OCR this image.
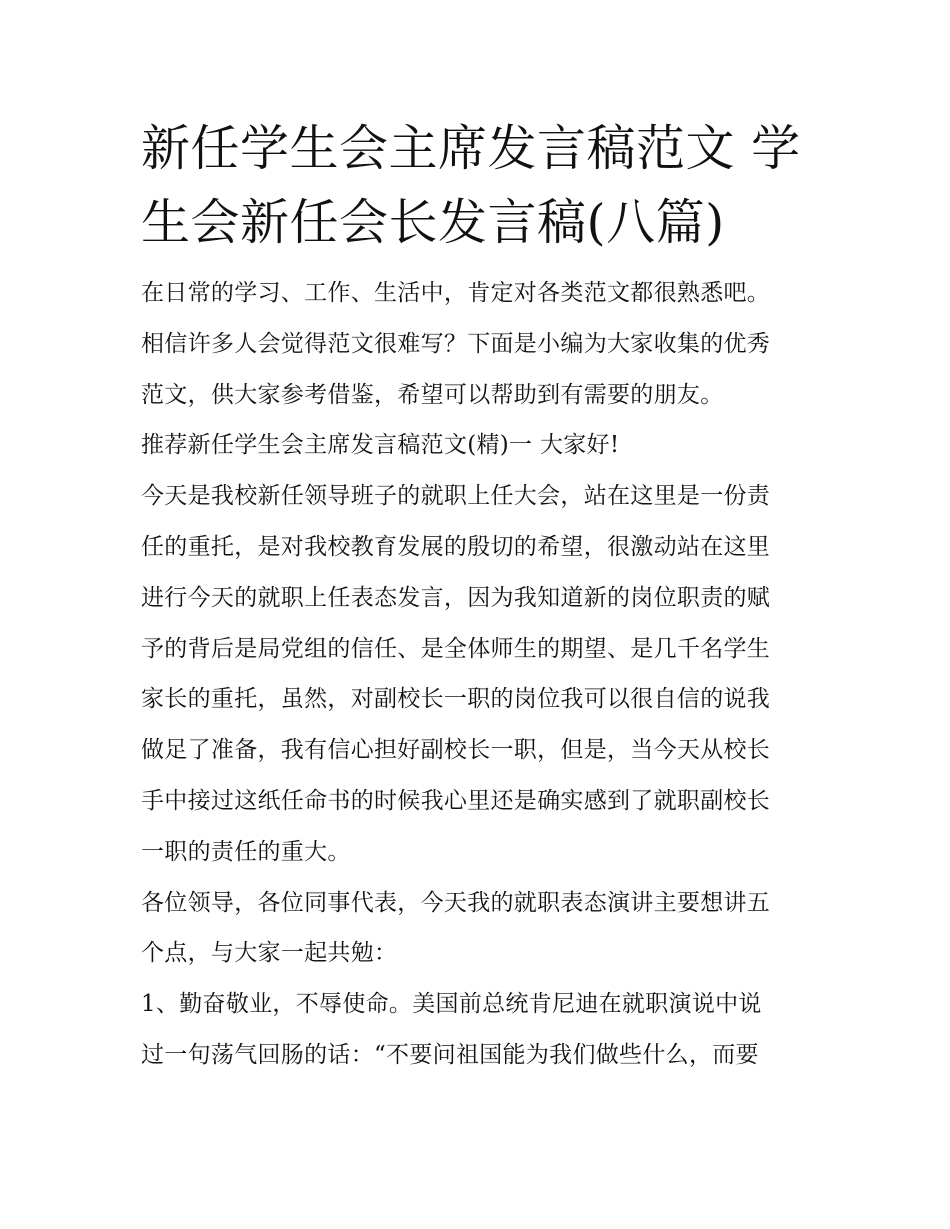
新任学生会主席发言稿范文 学
生会新任会长发言稿(八篇)
在日常的学习、工作、生活中，肯定对各类范文都很熟悉吧。
相信许多人会觉得范文很难写？下面是小编为大家收集的优秀
范文，供大家参考借鉴，希望可以帮助到有需要的朋友。
推荐新任学生会主席发言稿范文(精)一 大家好!
今天是我校新任领导班子的就职上任大会，站在这里是一份责
任的重托，是对我校教育发展的殷切的希望，很激动站在这里
进行今天的就职上任表态发言，因为我知道新的岗位职责的赋
予的背后是局党组的信任、是全体师生的期望、是几千名学生
家长的重托，虽然，对副校长一职的岗位我可以很自信的说我
做足了准备，我有信心担好副校长一职，但是，当今天从校长
手中接过这纸任命书的时候我心里还是确实感到了就职副校长
一职的责任的重大。
各位领导，各位同事代表，今天我的就职表态演讲主要想讲五
个点，与大家一起共勉：
1、勤奋敬业，不辱使命。美国前总统肯尼迪在就职演说中说
过一句荡气回肠的话：“不要问祖国能为我们做些什么，而要
